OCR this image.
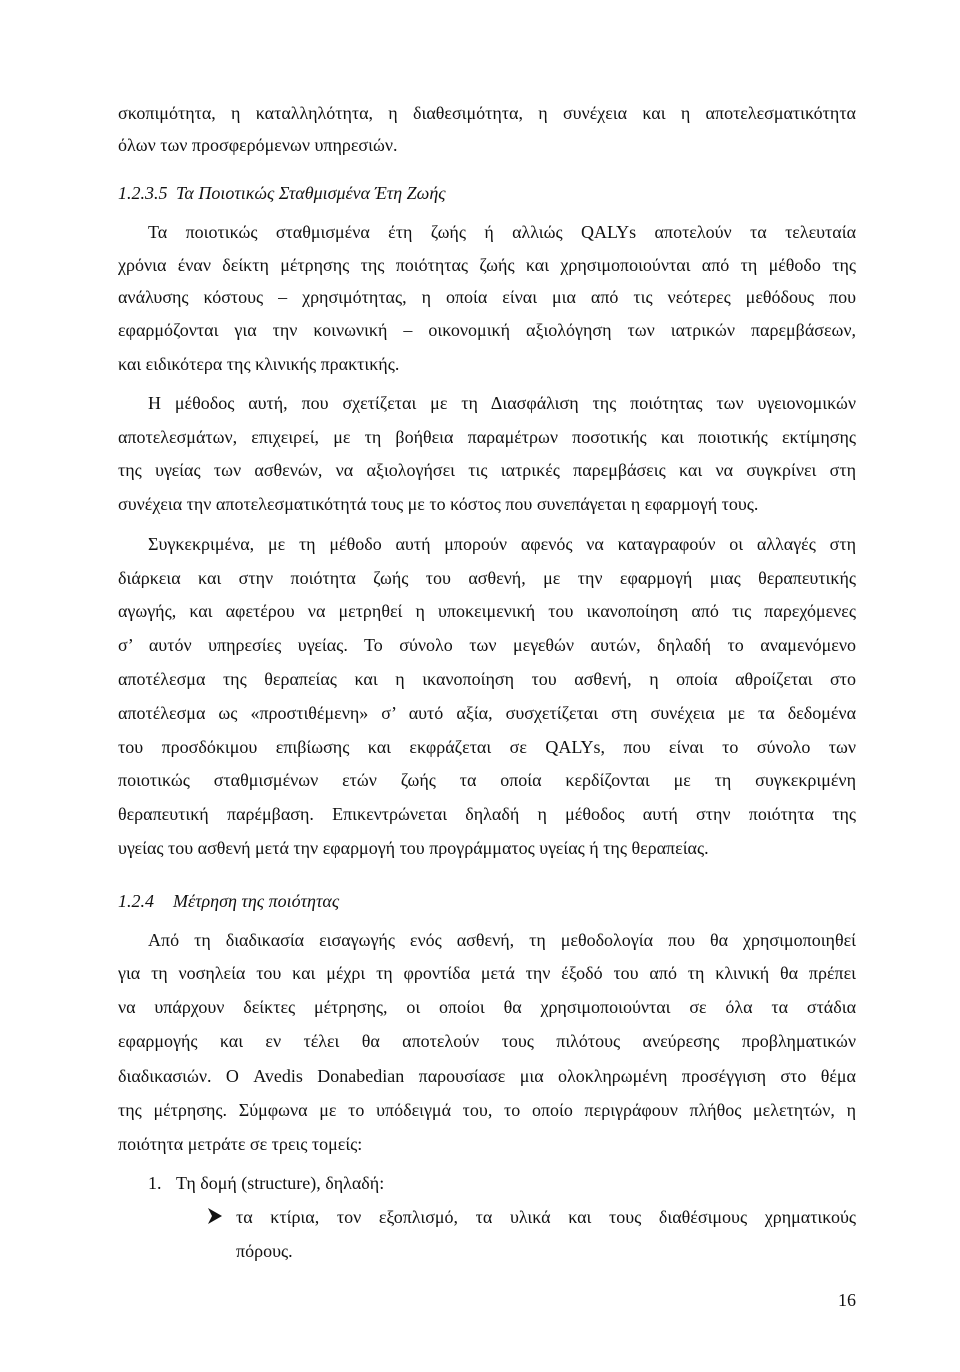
σκοπιμότητα, η καταλληλότητα, η διαθεσιμότητα, η συνέχεια και η αποτελεσματικότητα
όλων των προσφερόμενων υπηρεσιών.
1.2.3.5 Τα Ποιοτικώς Σταθμισμένα Έτη Ζωής
Τα ποιοτικώς σταθμισμένα έτη ζωής ή αλλιώς QALYs αποτελούν τα τελευταία
χρόνια έναν δείκτη μέτρησης της ποιότητας ζωής και χρησιμοποιούνται από τη μέθοδο της
ανάλυσης κόστους – χρησιμότητας, η οποία είναι μια από τις νεότερες μεθόδους που
εφαρμόζονται για την κοινωνική – οικονομική αξιολόγηση των ιατρικών παρεμβάσεων,
και ειδικότερα της κλινικής πρακτικής.
Η μέθοδος αυτή, που σχετίζεται με τη Διασφάλιση της ποιότητας των υγειονομικών
αποτελεσμάτων, επιχειρεί, με τη βοήθεια παραμέτρων ποσοτικής και ποιοτικής εκτίμησης
της υγείας των ασθενών, να αξιολογήσει τις ιατρικές παρεμβάσεις και να συγκρίνει στη
συνέχεια την αποτελεσματικότητά τους με το κόστος που συνεπάγεται η εφαρμογή τους.
Συγκεκριμένα, με τη μέθοδο αυτή μπορούν αφενός να καταγραφούν οι αλλαγές στη
διάρκεια και στην ποιότητα ζωής του ασθενή, με την εφαρμογή μιας θεραπευτικής
αγωγής, και αφετέρου να μετρηθεί η υποκειμενική του ικανοποίηση από τις παρεχόμενες
σ’ αυτόν υπηρεσίες υγείας. Το σύνολο των μεγεθών αυτών, δηλαδή το αναμενόμενο
αποτέλεσμα της θεραπείας και η ικανοποίηση του ασθενή, η οποία αθροίζεται στο
αποτέλεσμα ως «προστιθέμενη» σ’ αυτό αξία, συσχετίζεται στη συνέχεια με τα δεδομένα
του προσδόκιμου επιβίωσης και εκφράζεται σε QALYs, που είναι το σύνολο των
ποιοτικώς σταθμισμένων ετών ζωής τα οποία κερδίζονται με τη συγκεκριμένη
θεραπευτική παρέμβαση. Επικεντρώνεται δηλαδή η μέθοδος αυτή στην ποιότητα της
υγείας του ασθενή μετά την εφαρμογή του προγράμματος υγείας ή της θεραπείας.
1.2.4 Μέτρηση της ποιότητας
Από τη διαδικασία εισαγωγής ενός ασθενή, τη μεθοδολογία που θα χρησιμοποιηθεί
για τη νοσηλεία του και μέχρι τη φροντίδα μετά την έξοδό του από τη κλινική θα πρέπει
να υπάρχουν δείκτες μέτρησης, οι οποίοι θα χρησιμοποιούνται σε όλα τα στάδια
εφαρμογής και εν τέλει θα αποτελούν τους πιλότους ανεύρεσης προβληματικών
διαδικασιών. Ο Avedis Donabedian παρουσίασε μια ολοκληρωμένη προσέγγιση στο θέμα
της μέτρησης. Σύμφωνα με το υπόδειγμά του, το οποίο περιγράφουν πλήθος μελετητών, η
ποιότητα μετράτε σε τρεις τομείς:
1. Τη δομή (structure), δηλαδή:
τα κτίρια, τον εξοπλισμό, τα υλικά και τους διαθέσιμους χρηματικούς
πόρους.
16
